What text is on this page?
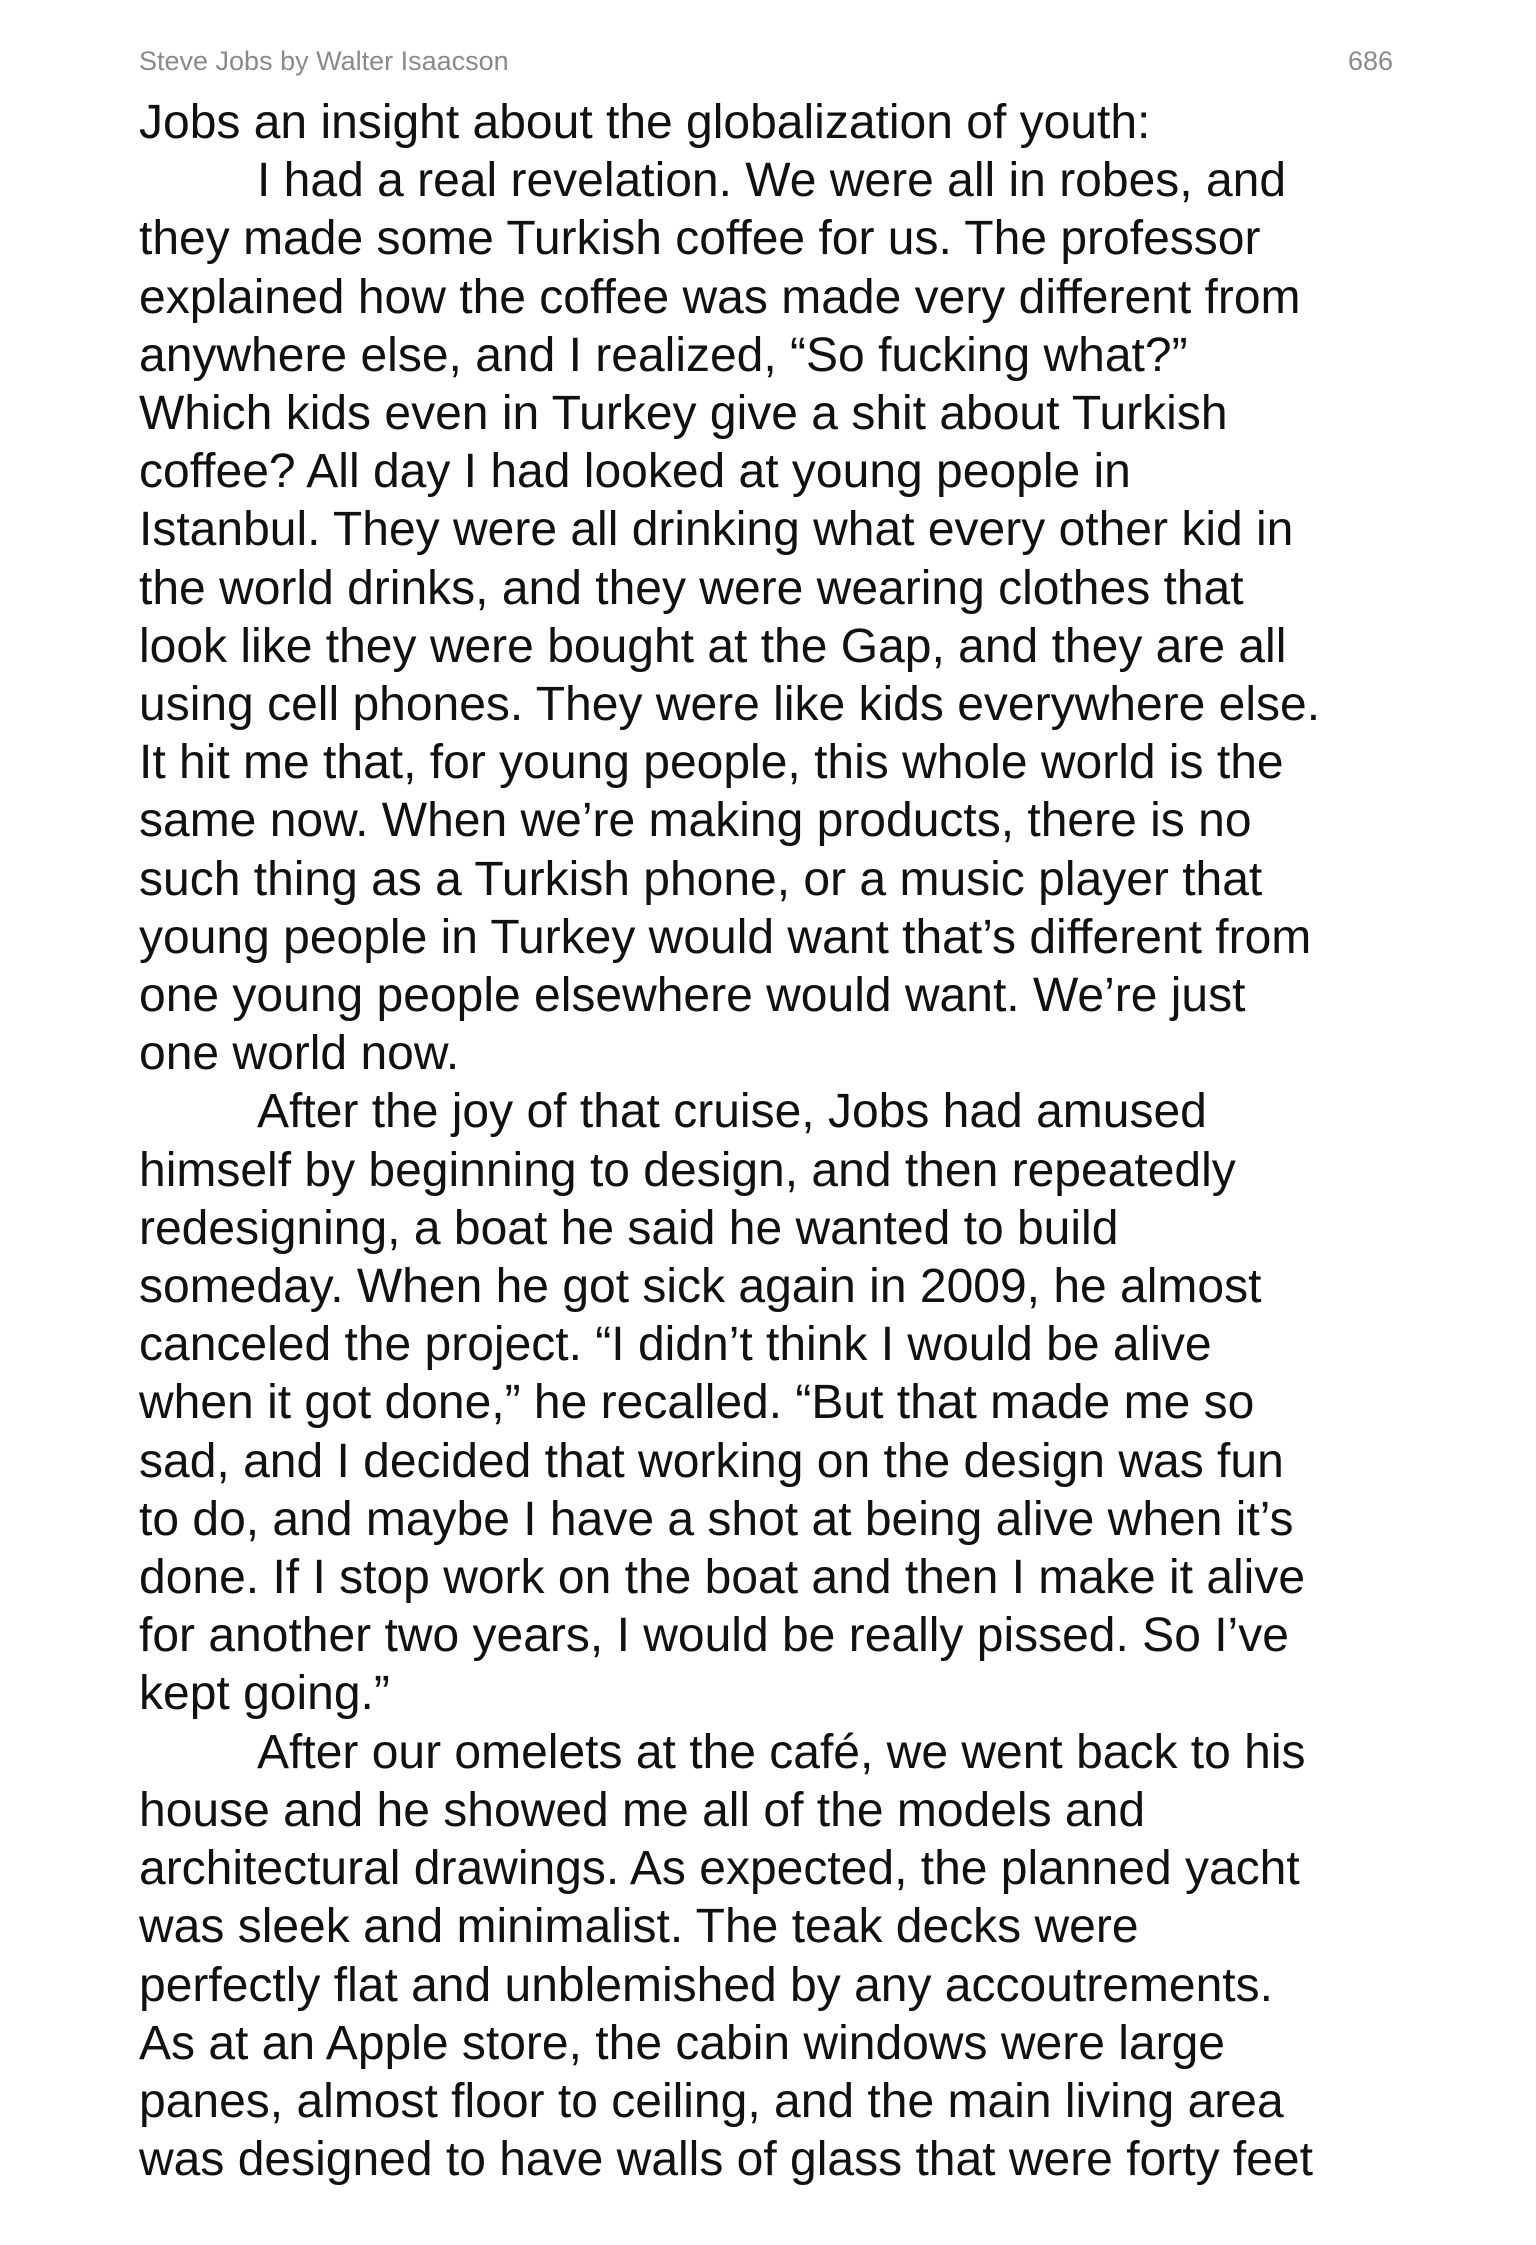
Steve Jobs by Walter Isaacson	686
Jobs an insight about the globalization of youth:
I had a real revelation. We were all in robes, and
they made some Turkish coffee for us. The professor
explained how the coffee was made very different from
anywhere else, and I realized, “So fucking what?”
Which kids even in Turkey give a shit about Turkish
coffee? All day I had looked at young people in
Istanbul. They were all drinking what every other kid in
the world drinks, and they were wearing clothes that
look like they were bought at the Gap, and they are all
using cell phones. They were like kids everywhere else.
It hit me that, for young people, this whole world is the
same now. When we’re making products, there is no
such thing as a Turkish phone, or a music player that
young people in Turkey would want that’s different from
one young people elsewhere would want. We’re just
one world now.
After the joy of that cruise, Jobs had amused
himself by beginning to design, and then repeatedly
redesigning, a boat he said he wanted to build
someday. When he got sick again in 2009, he almost
canceled the project. “I didn’t think I would be alive
when it got done,” he recalled. “But that made me so
sad, and I decided that working on the design was fun
to do, and maybe I have a shot at being alive when it’s
done. If I stop work on the boat and then I make it alive
for another two years, I would be really pissed. So I’ve
kept going.”
After our omelets at the café, we went back to his
house and he showed me all of the models and
architectural drawings. As expected, the planned yacht
was sleek and minimalist. The teak decks were
perfectly flat and unblemished by any accoutrements.
As at an Apple store, the cabin windows were large
panes, almost floor to ceiling, and the main living area
was designed to have walls of glass that were forty feet
